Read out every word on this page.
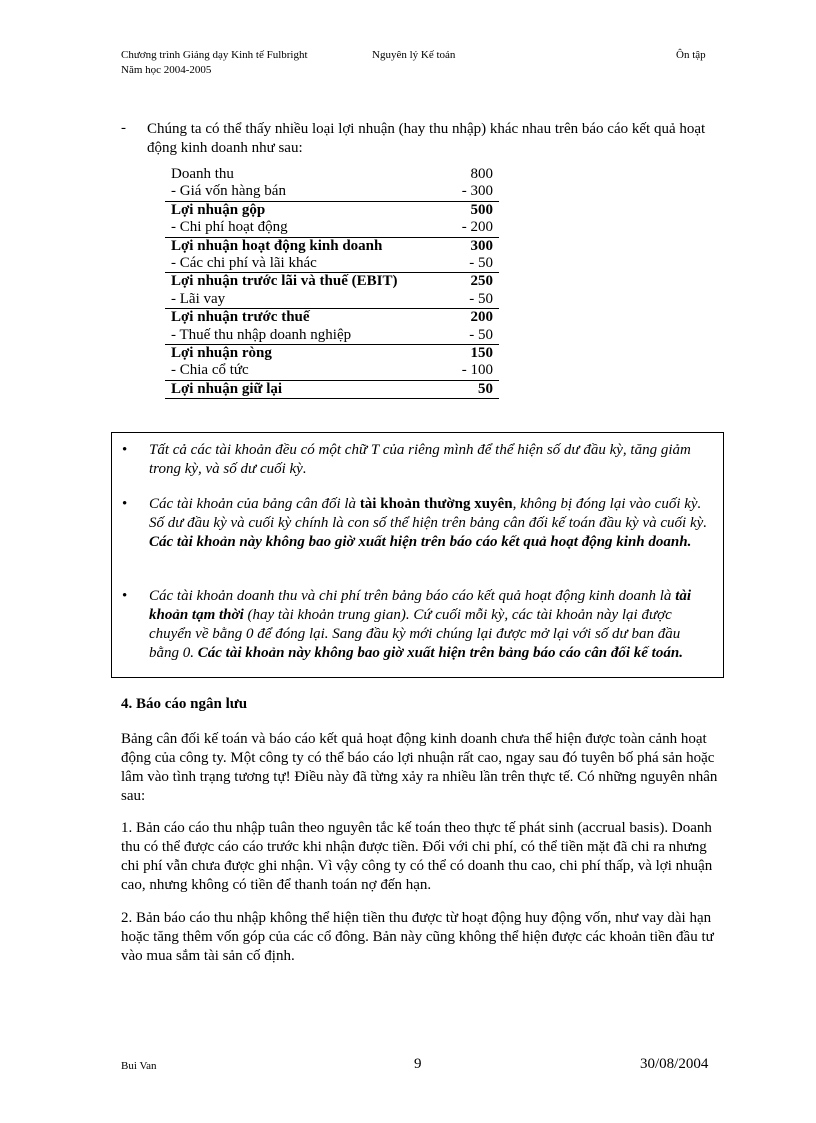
Chương trình Giảng dạy Kinh tế Fulbright
Năm học 2004-2005
Nguyên lý Kế toán	Ôn tập
- Chúng ta có thể thấy nhiều loại lợi nhuận (hay thu nhập) khác nhau trên báo cáo kết quả hoạt động kinh doanh như sau:
Doanh thu	800
- Giá vốn hàng bán	- 300
Lợi nhuận gộp	500
- Chi phí hoạt động	- 200
Lợi nhuận hoạt động kinh doanh	300
- Các chi phí và lãi khác	- 50
Lợi nhuận trước lãi và thuế (EBIT)	250
- Lãi vay	- 50
Lợi nhuận trước thuế	200
- Thuế thu nhập doanh nghiệp	- 50
Lợi nhuận ròng	150
- Chia cổ tức	- 100
Lợi nhuận giữ lại	50
• Tất cả các tài khoản đều có một chữ T của riêng mình để thể hiện số dư đầu kỳ, tăng giảm trong kỳ, và số dư cuối kỳ.
• Các tài khoản của bảng cân đối là tài khoản thường xuyên, không bị đóng lại vào cuối kỳ. Số dư đầu kỳ và cuối kỳ chính là con số thể hiện trên bảng cân đối kế toán đầu kỳ và cuối kỳ. Các tài khoản này không bao giờ xuất hiện trên báo cáo kết quả hoạt động kinh doanh.
• Các tài khoản doanh thu và chi phí trên bảng báo cáo kết quả hoạt động kinh doanh là tài khoản tạm thời (hay tài khoản trung gian). Cứ cuối mỗi kỳ, các tài khoản này lại được chuyển về bằng 0 để đóng lại. Sang đầu kỳ mới chúng lại được mở lại với số dư ban đầu bằng 0. Các tài khoản này không bao giờ xuất hiện trên bảng báo cáo cân đối kế toán.
4. Báo cáo ngân lưu
Bảng cân đối kế toán và báo cáo kết quả hoạt động kinh doanh chưa thể hiện được toàn cảnh hoạt động của công ty. Một công ty có thể báo cáo lợi nhuận rất cao, ngay sau đó tuyên bố phá sản hoặc lâm vào tình trạng tương tự! Điều này đã từng xảy ra nhiều lần trên thực tế. Có những nguyên nhân sau:
1. Bản cáo cáo thu nhập tuân theo nguyên tắc kế toán theo thực tế phát sinh (accrual basis). Doanh thu có thể được cáo cáo trước khi nhận được tiền. Đối với chi phí, có thể tiền mặt đã chi ra nhưng chi phí vẫn chưa được ghi nhận. Vì vậy công ty có thể có doanh thu cao, chi phí thấp, và lợi nhuận cao, nhưng không có tiền để thanh toán nợ đến hạn.
2. Bản báo cáo thu nhập không thể hiện tiền thu được từ hoạt động huy động vốn, như vay dài hạn hoặc tăng thêm vốn góp của các cổ đông. Bản này cũng không thể hiện được các khoản tiền đầu tư vào mua sắm tài sản cố định.
Bui Van	9	30/08/2004
